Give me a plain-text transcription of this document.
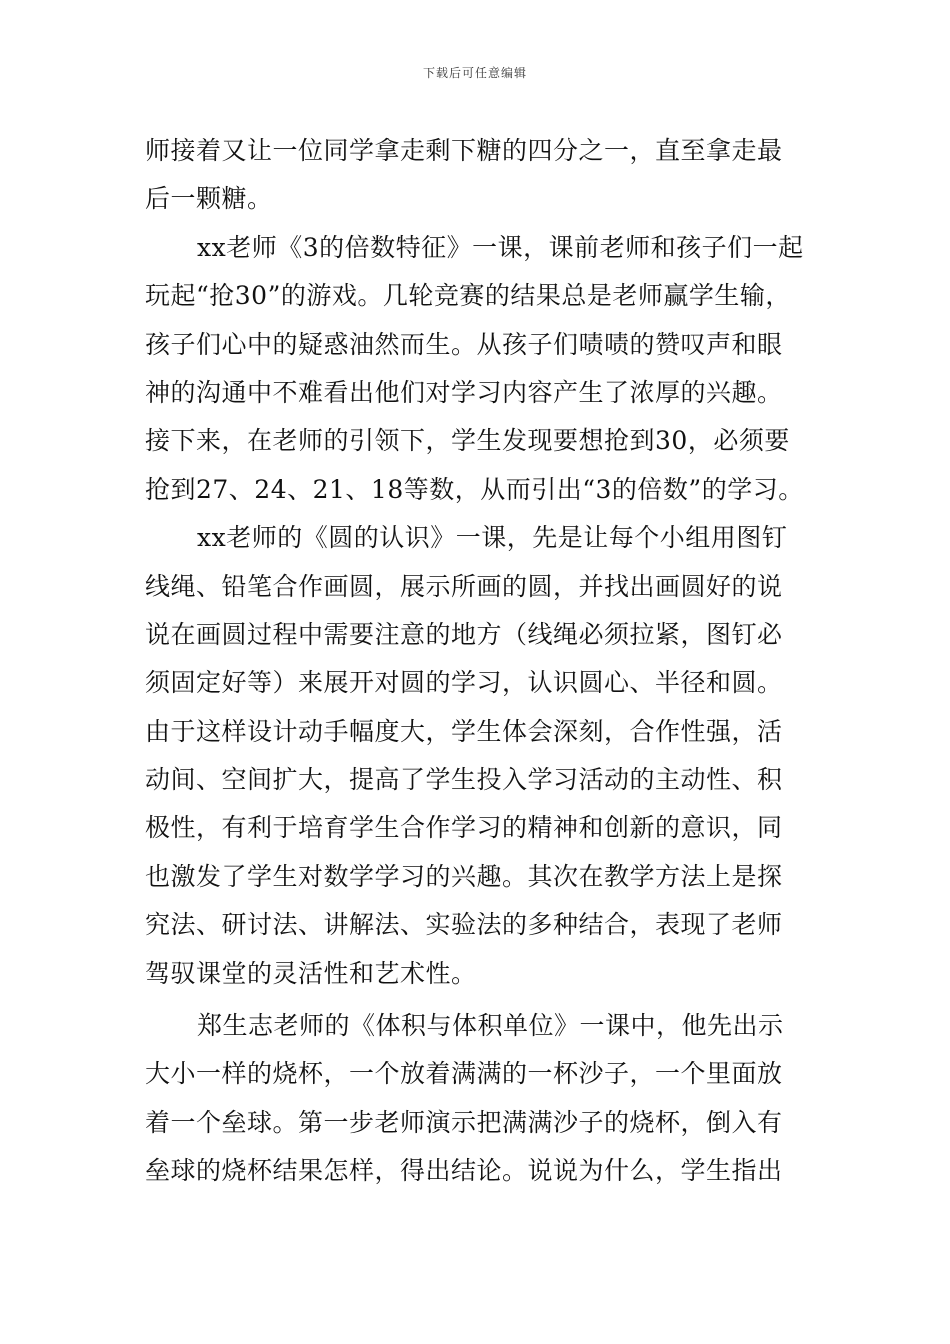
下载后可任意编辑
师接着又让一位同学拿走剩下糖的四分之一，直至拿走最
后一颗糖。
xx老师《3的倍数特征》一课，课前老师和孩子们一起
玩起“抢30”的游戏。几轮竞赛的结果总是老师赢学生输，
孩子们心中的疑惑油然而生。从孩子们啧啧的赞叹声和眼
神的沟通中不难看出他们对学习内容产生了浓厚的兴趣。
接下来，在老师的引领下，学生发现要想抢到30，必须要
抢到27、24、21、18等数，从而引出“3的倍数”的学习。
xx老师的《圆的认识》一课，先是让每个小组用图钉
线绳、铅笔合作画圆，展示所画的圆，并找出画圆好的说
说在画圆过程中需要注意的地方（线绳必须拉紧，图钉必
须固定好等）来展开对圆的学习，认识圆心、半径和圆。
由于这样设计动手幅度大，学生体会深刻，合作性强，活
动间、空间扩大，提高了学生投入学习活动的主动性、积
极性，有利于培育学生合作学习的精神和创新的意识，同
也激发了学生对数学学习的兴趣。其次在教学方法上是探
究法、研讨法、讲解法、实验法的多种结合，表现了老师
驾驭课堂的灵活性和艺术性。
郑生志老师的《体积与体积单位》一课中，他先出示
大小一样的烧杯，一个放着满满的一杯沙子，一个里面放
着一个垒球。第一步老师演示把满满沙子的烧杯，倒入有
垒球的烧杯结果怎样，得出结论。说说为什么，学生指出
